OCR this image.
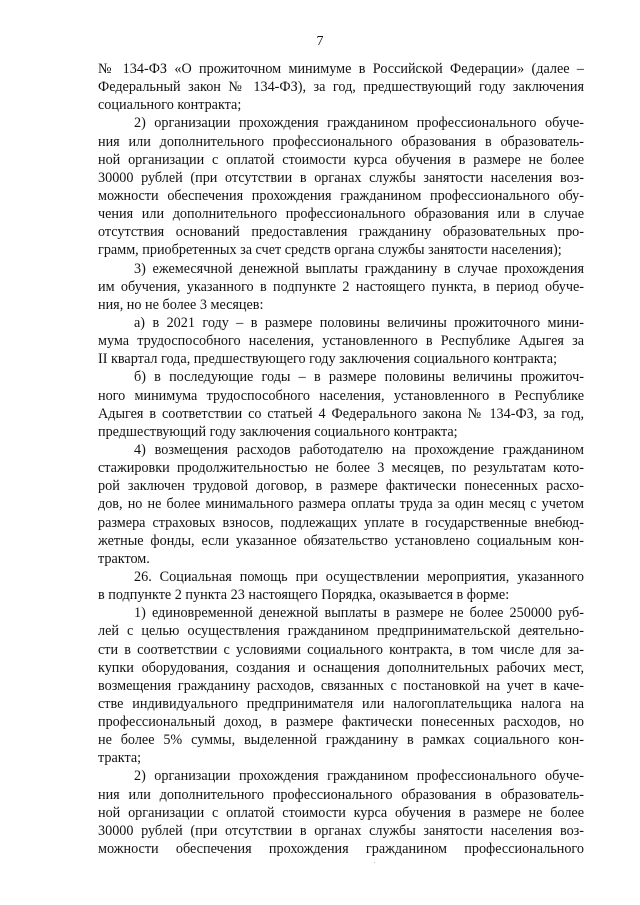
7
№ 134-ФЗ «О прожиточном минимуме в Российской Федерации» (далее –
Федеральный закон № 134-ФЗ), за год, предшествующий году заключения
социального контракта;
2) организации прохождения гражданином профессионального обуче-
ния или дополнительного профессионального образования в образователь-
ной организации с оплатой стоимости курса обучения в размере не более
30000 рублей (при отсутствии в органах службы занятости населения воз-
можности обеспечения прохождения гражданином профессионального обу-
чения или дополнительного профессионального образования или в случае
отсутствия оснований предоставления гражданину образовательных про-
грамм, приобретенных за счет средств органа службы занятости населения);
3) ежемесячной денежной выплаты гражданину в случае прохождения
им обучения, указанного в подпункте 2 настоящего пункта, в период обуче-
ния, но не более 3 месяцев:
а) в 2021 году – в размере половины величины прожиточного мини-
мума трудоспособного населения, установленного в Республике Адыгея за
II квартал года, предшествующего году заключения социального контракта;
б) в последующие годы – в размере половины величины прожиточ-
ного минимума трудоспособного населения, установленного в Республике
Адыгея в соответствии со статьей 4 Федерального закона № 134-ФЗ, за год,
предшествующий году заключения социального контракта;
4) возмещения расходов работодателю на прохождение гражданином
стажировки продолжительностью не более 3 месяцев, по результатам кото-
рой заключен трудовой договор, в размере фактически понесенных расхо-
дов, но не более минимального размера оплаты труда за один месяц с учетом
размера страховых взносов, подлежащих уплате в государственные внебюд-
жетные фонды, если указанное обязательство установлено социальным кон-
трактом.
26. Социальная помощь при осуществлении мероприятия, указанного
в подпункте 2 пункта 23 настоящего Порядка, оказывается в форме:
1) единовременной денежной выплаты в размере не более 250000 руб-
лей с целью осуществления гражданином предпринимательской деятельно-
сти в соответствии с условиями социального контракта, в том числе для за-
купки оборудования, создания и оснащения дополнительных рабочих мест,
возмещения гражданину расходов, связанных с постановкой на учет в каче-
стве индивидуального предпринимателя или налогоплательщика налога на
профессиональный доход, в размере фактически понесенных расходов, но
не более 5% суммы, выделенной гражданину в рамках социального кон-
тракта;
2) организации прохождения гражданином профессионального обуче-
ния или дополнительного профессионального образования в образователь-
ной организации с оплатой стоимости курса обучения в размере не более
30000 рублей (при отсутствии в органах службы занятости населения воз-
можности обеспечения прохождения гражданином профессионального
